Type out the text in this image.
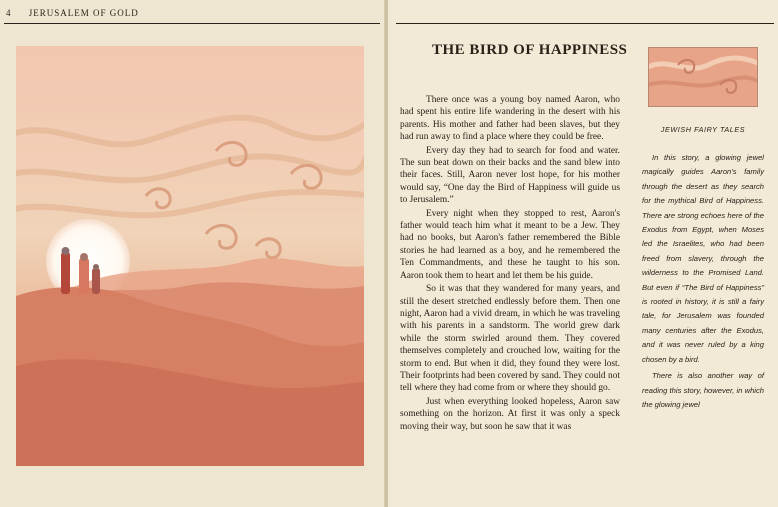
4 JERUSALEM OF GOLD
THE BIRD OF HAPPINESS

There once was a young boy named Aaron, who had spent his entire life wandering in the desert with his parents. His mother and father had been slaves, but they had run away to find a place where they could be free.

Every day they had to search for food and water. The sun beat down on their backs and the sand blew into their faces. Still, Aaron never lost hope, for his mother would say, “One day the Bird of Happiness will guide us to Jerusalem.”

Every night when they stopped to rest, Aaron's father would teach him what it meant to be a Jew. They had no books, but Aaron's father remembered the Bible stories he had learned as a boy, and he remembered the Ten Commandments, and these he taught to his son. Aaron took them to heart and let them be his guide.

So it was that they wandered for many years, and still the desert stretched endlessly before them. Then one night, Aaron had a vivid dream, in which he was traveling with his parents in a sandstorm. The world grew dark while the storm swirled around them. They covered themselves completely and crouched low, waiting for the storm to end. But when it did, they found they were lost. Their footprints had been covered by sand. They could not tell where they had come from or where they should go.

Just when everything looked hopeless, Aaron saw something on the horizon. At first it was only a speck moving their way, but soon he saw that it was

JEWISH FAIRY TALES

In this story, a glowing jewel magically guides Aaron's family through the desert as they search for the mythical Bird of Happiness. There are strong echoes here of the Exodus from Egypt, when Moses led the Israelites, who had been freed from slavery, through the wilderness to the Promised Land. But even if “The Bird of Happiness” is rooted in history, it is still a fairy tale, for Jerusalem was founded many centuries after the Exodus, and it was never ruled by a king chosen by a bird.

There is also another way of reading this story, however, in which the glowing jewel
